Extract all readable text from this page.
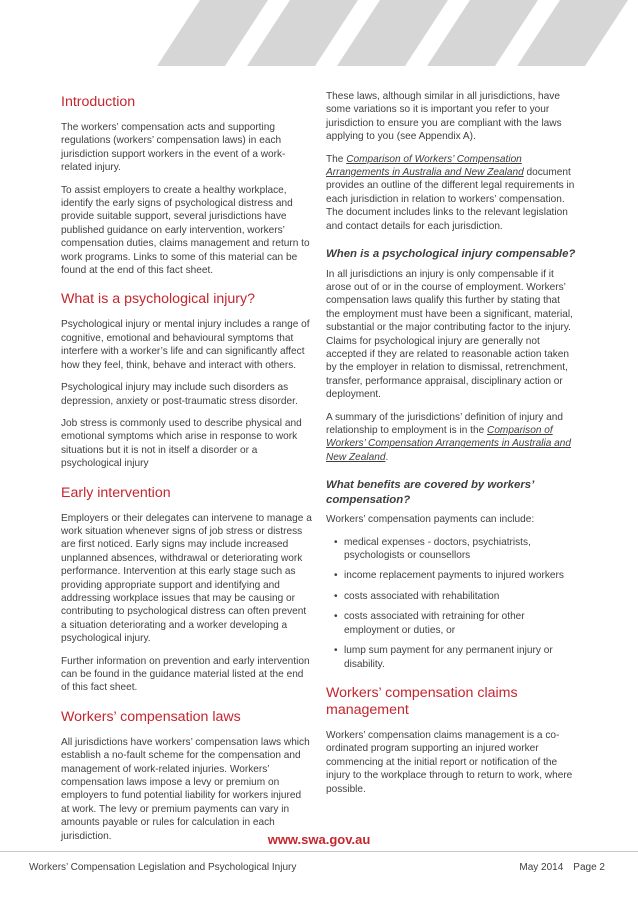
Introduction

The workers’ compensation acts and supporting regulations (workers’ compensation laws) in each jurisdiction support workers in the event of a work-related injury.

To assist employers to create a healthy workplace, identify the early signs of psychological distress and provide suitable support, several jurisdictions have published guidance on early intervention, workers’ compensation duties, claims management and return to work programs. Links to some of this material can be found at the end of this fact sheet.

What is a psychological injury?

Psychological injury or mental injury includes a range of cognitive, emotional and behavioural symptoms that interfere with a worker’s life and can significantly affect how they feel, think, behave and interact with others.

Psychological injury may include such disorders as depression, anxiety or post-traumatic stress disorder.

Job stress is commonly used to describe physical and emotional symptoms which arise in response to work situations but it is not in itself a disorder or a psychological injury

Early intervention

Employers or their delegates can intervene to manage a work situation whenever signs of job stress or distress are first noticed. Early signs may include increased unplanned absences, withdrawal or deteriorating work performance. Intervention at this early stage such as providing appropriate support and identifying and addressing workplace issues that may be causing or contributing to psychological distress can often prevent a situation deteriorating and a worker developing a psychological injury.

Further information on prevention and early intervention can be found in the guidance material listed at the end of this fact sheet.

Workers’ compensation laws

All jurisdictions have workers’ compensation laws which establish a no-fault scheme for the compensation and management of work-related injuries. Workers’ compensation laws impose a levy or premium on employers to fund potential liability for workers injured at work. The levy or premium payments can vary in amounts payable or rules for calculation in each jurisdiction.

These laws, although similar in all jurisdictions, have some variations so it is important you refer to your jurisdiction to ensure you are compliant with the laws applying to you (see Appendix A).

The Comparison of Workers’ Compensation Arrangements in Australia and New Zealand document provides an outline of the different legal requirements in each jurisdiction in relation to workers’ compensation. The document includes links to the relevant legislation and contact details for each jurisdiction.

When is a psychological injury compensable?

In all jurisdictions an injury is only compensable if it arose out of or in the course of employment. Workers’ compensation laws qualify this further by stating that the employment must have been a significant, material, substantial or the major contributing factor to the injury. Claims for psychological injury are generally not accepted if they are related to reasonable action taken by the employer in relation to dismissal, retrenchment, transfer, performance appraisal, disciplinary action or deployment.

A summary of the jurisdictions’ definition of injury and relationship to employment is in the Comparison of Workers’ Compensation Arrangements in Australia and New Zealand.

What benefits are covered by workers’ compensation?

Workers’ compensation payments can include:

• medical expenses - doctors, psychiatrists, psychologists or counsellors
• income replacement payments to injured workers
• costs associated with rehabilitation
• costs associated with retraining for other employment or duties, or
• lump sum payment for any permanent injury or disability.
Workers’ compensation claims management

Workers’ compensation claims management is a co-ordinated program supporting an injured worker commencing at the initial report or notification of the injury to the workplace through to return to work, where possible.

www.swa.gov.au
Workers’ Compensation Legislation and Psychological Injury	May 2014 Page 2
